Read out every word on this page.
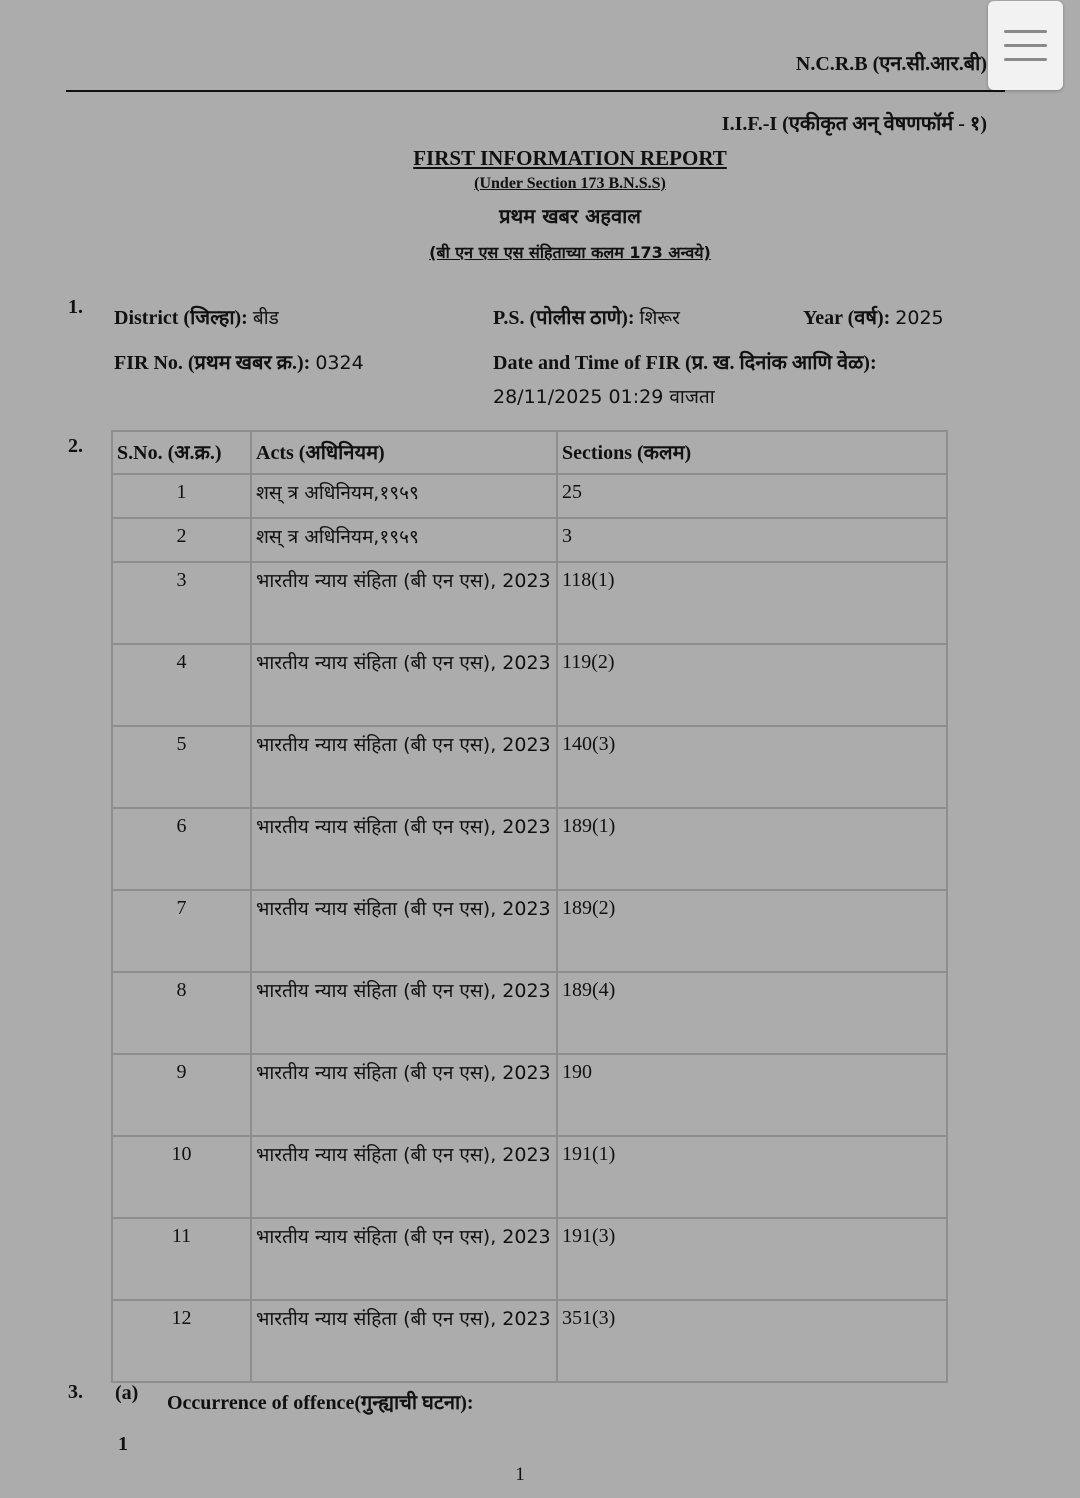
N.C.R.B (एन.सी.आर.बी)
I.I.F.-I (एकीकृत अन् वेषणफॉर्म - १)
FIRST INFORMATION REPORT
(Under Section 173 B.N.S.S)
प्रथम खबर अहवाल
(बी एन एस एस संहिताच्या कलम 173 अन्वये)
1. District (जिल्हा): बीड	P.S. (पोलीस ठाणे): शिरूर	Year (वर्ष): 2025
FIR No. (प्रथम खबर क्र.): 0324	Date and Time of FIR (प्र. ख. दिनांक आणि वेळ):
28/11/2025 01:29 वाजता
2. S.No. (अ.क्र.)	Acts (अधिनियम)	Sections (कलम)
1	शस् त्र अधिनियम,१९५९	25
2	शस् त्र अधिनियम,१९५९	3
3	भारतीय न्याय संहिता (बी एन एस), 2023	118(1)
4	भारतीय न्याय संहिता (बी एन एस), 2023	119(2)
5	भारतीय न्याय संहिता (बी एन एस), 2023	140(3)
6	भारतीय न्याय संहिता (बी एन एस), 2023	189(1)
7	भारतीय न्याय संहिता (बी एन एस), 2023	189(2)
8	भारतीय न्याय संहिता (बी एन एस), 2023	189(4)
9	भारतीय न्याय संहिता (बी एन एस), 2023	190
10	भारतीय न्याय संहिता (बी एन एस), 2023	191(1)
11	भारतीय न्याय संहिता (बी एन एस), 2023	191(3)
12	भारतीय न्याय संहिता (बी एन एस), 2023	351(3)
3. (a) Occurrence of offence(गुन्ह्याची घटना):
1
1
